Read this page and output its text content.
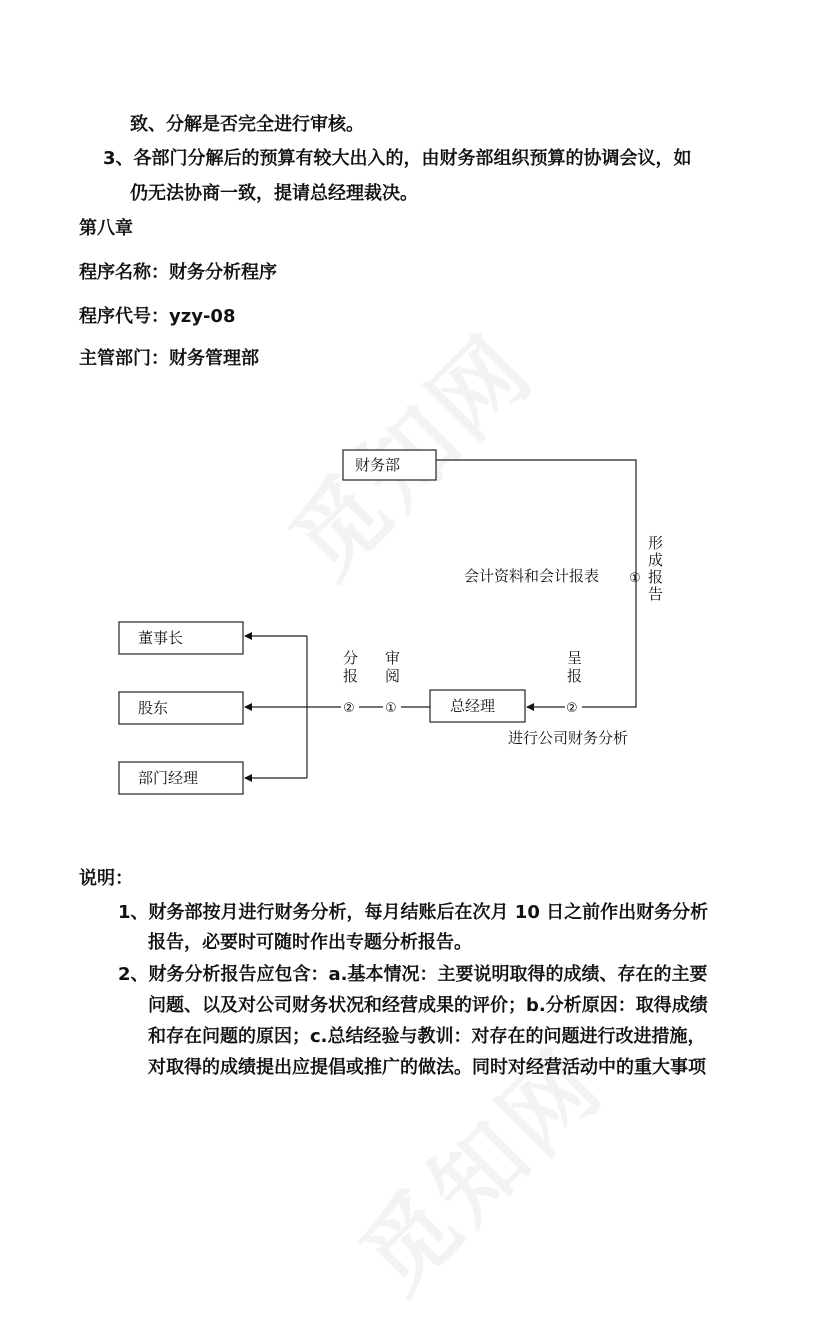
致、分解是否完全进行审核。
3、各部门分解后的预算有较大出入的，由财务部组织预算的协调会议，如
仍无法协商一致，提请总经理裁决。
第八章
程序名称：财务分析程序
程序代号：yzy-08
主管部门：财务管理部
财务部
董事长
股东
部门经理
总经理
①
会计资料和会计报表
形
成
报
告
②
呈
报
进行公司财务分析
①
②
审
阅
分
报
说明：
1、财务部按月进行财务分析，每月结账后在次月 10 日之前作出财务分析
报告，必要时可随时作出专题分析报告。
2、财务分析报告应包含：a.基本情况：主要说明取得的成绩、存在的主要
问题、以及对公司财务状况和经营成果的评价；b.分析原因：取得成绩
和存在问题的原因；c.总结经验与教训：对存在的问题进行改进措施，
对取得的成绩提出应提倡或推广的做法。同时对经营活动中的重大事项
